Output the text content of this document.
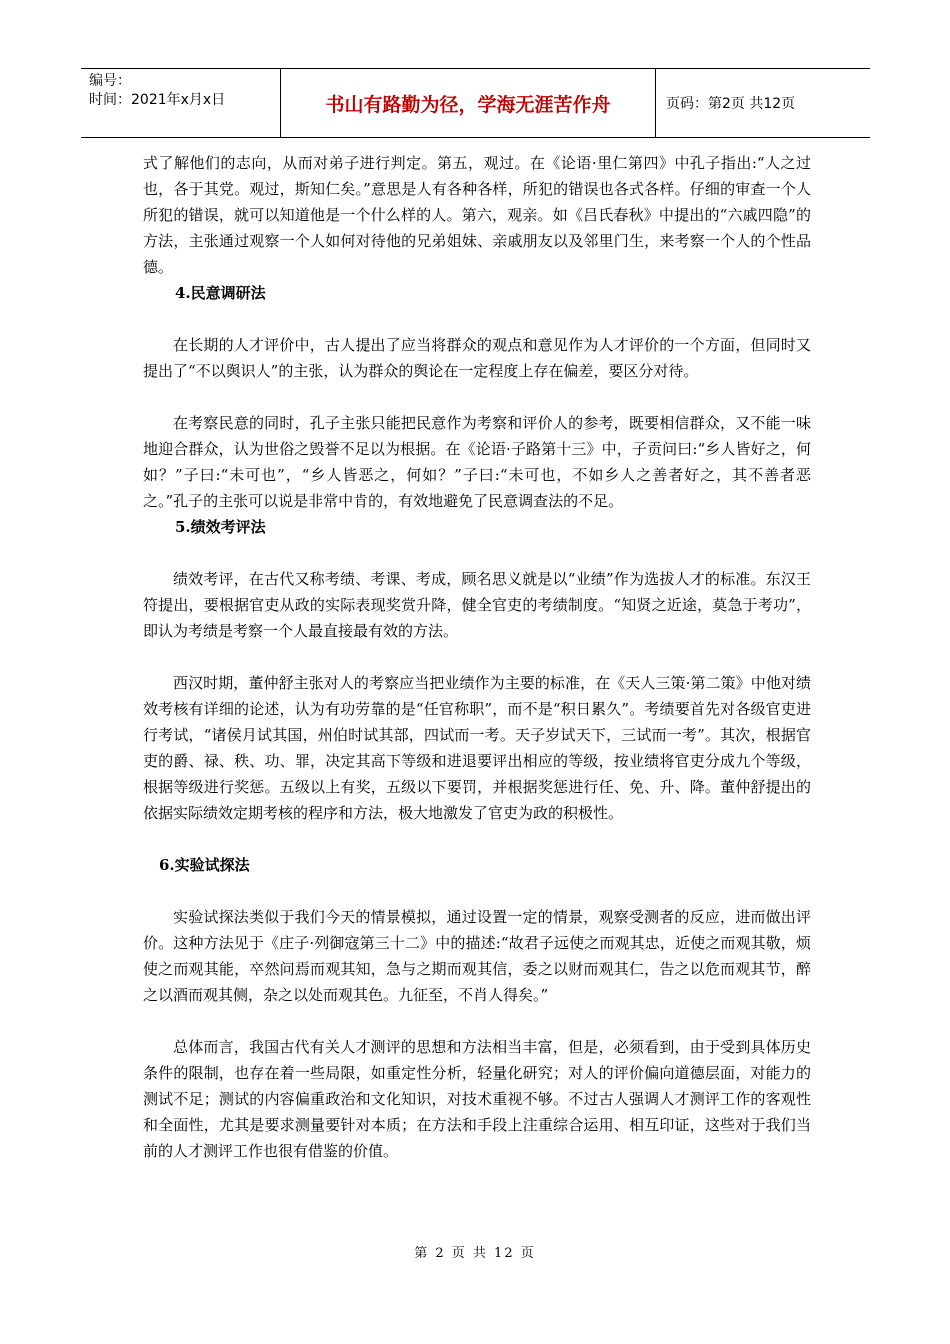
编号：
时间：2021年x月x日	书山有路勤为径，学海无涯苦作舟	页码：第2页 共12页

式了解他们的志向，从而对弟子进行判定。第五，观过。在《论语·里仁第四》中孔子指出:“人之过也，各于其党。观过，斯知仁矣。”意思是人有各种各样，所犯的错误也各式各样。仔细的审查一个人所犯的错误，就可以知道他是一个什么样的人。第六，观亲。如《吕氏春秋》中提出的“六戚四隐”的方法，主张通过观察一个人如何对待他的兄弟姐妹、亲戚朋友以及邻里门生，来考察一个人的个性品德。

4.民意调研法

在长期的人才评价中，古人提出了应当将群众的观点和意见作为人才评价的一个方面，但同时又提出了“不以舆识人”的主张，认为群众的舆论在一定程度上存在偏差，要区分对待。

在考察民意的同时，孔子主张只能把民意作为考察和评价人的参考，既要相信群众，又不能一味地迎合群众，认为世俗之毁誉不足以为根据。在《论语·子路第十三》中，子贡问曰:“乡人皆好之，何如？”子曰:“未可也”，“乡人皆恶之，何如？”子曰:“未可也，不如乡人之善者好之，其不善者恶之。”孔子的主张可以说是非常中肯的，有效地避免了民意调查法的不足。

5.绩效考评法

绩效考评，在古代又称考绩、考课、考成，顾名思义就是以“业绩”作为选拔人才的标准。东汉王符提出，要根据官吏从政的实际表现奖赏升降，健全官吏的考绩制度。“知贤之近途，莫急于考功”，即认为考绩是考察一个人最直接最有效的方法。

西汉时期，董仲舒主张对人的考察应当把业绩作为主要的标准，在《天人三策·第二策》中他对绩效考核有详细的论述，认为有功劳靠的是“任官称职”，而不是“积日累久”。考绩要首先对各级官吏进行考试，“诸侯月试其国，州伯时试其部，四试而一考。天子岁试天下，三试而一考”。其次，根据官吏的爵、禄、秩、功、罪，决定其高下等级和进退要评出相应的等级，按业绩将官吏分成九个等级，根据等级进行奖惩。五级以上有奖，五级以下要罚，并根据奖惩进行任、免、升、降。董仲舒提出的依据实际绩效定期考核的程序和方法，极大地激发了官吏为政的积极性。

6.实验试探法

实验试探法类似于我们今天的情景模拟，通过设置一定的情景，观察受测者的反应，进而做出评价。这种方法见于《庄子·列御寇第三十二》中的描述:“故君子远使之而观其忠，近使之而观其敬，烦使之而观其能，卒然问焉而观其知，急与之期而观其信，委之以财而观其仁，告之以危而观其节，醉之以酒而观其侧，杂之以处而观其色。九征至，不肖人得矣。”

总体而言，我国古代有关人才测评的思想和方法相当丰富，但是，必须看到，由于受到具体历史条件的限制，也存在着一些局限，如重定性分析，轻量化研究；对人的评价偏向道德层面，对能力的测试不足；测试的内容偏重政治和文化知识，对技术重视不够。不过古人强调人才测评工作的客观性和全面性，尤其是要求测量要针对本质；在方法和手段上注重综合运用、相互印证，这些对于我们当前的人才测评工作也很有借鉴的价值。

第 2 页 共 12 页
